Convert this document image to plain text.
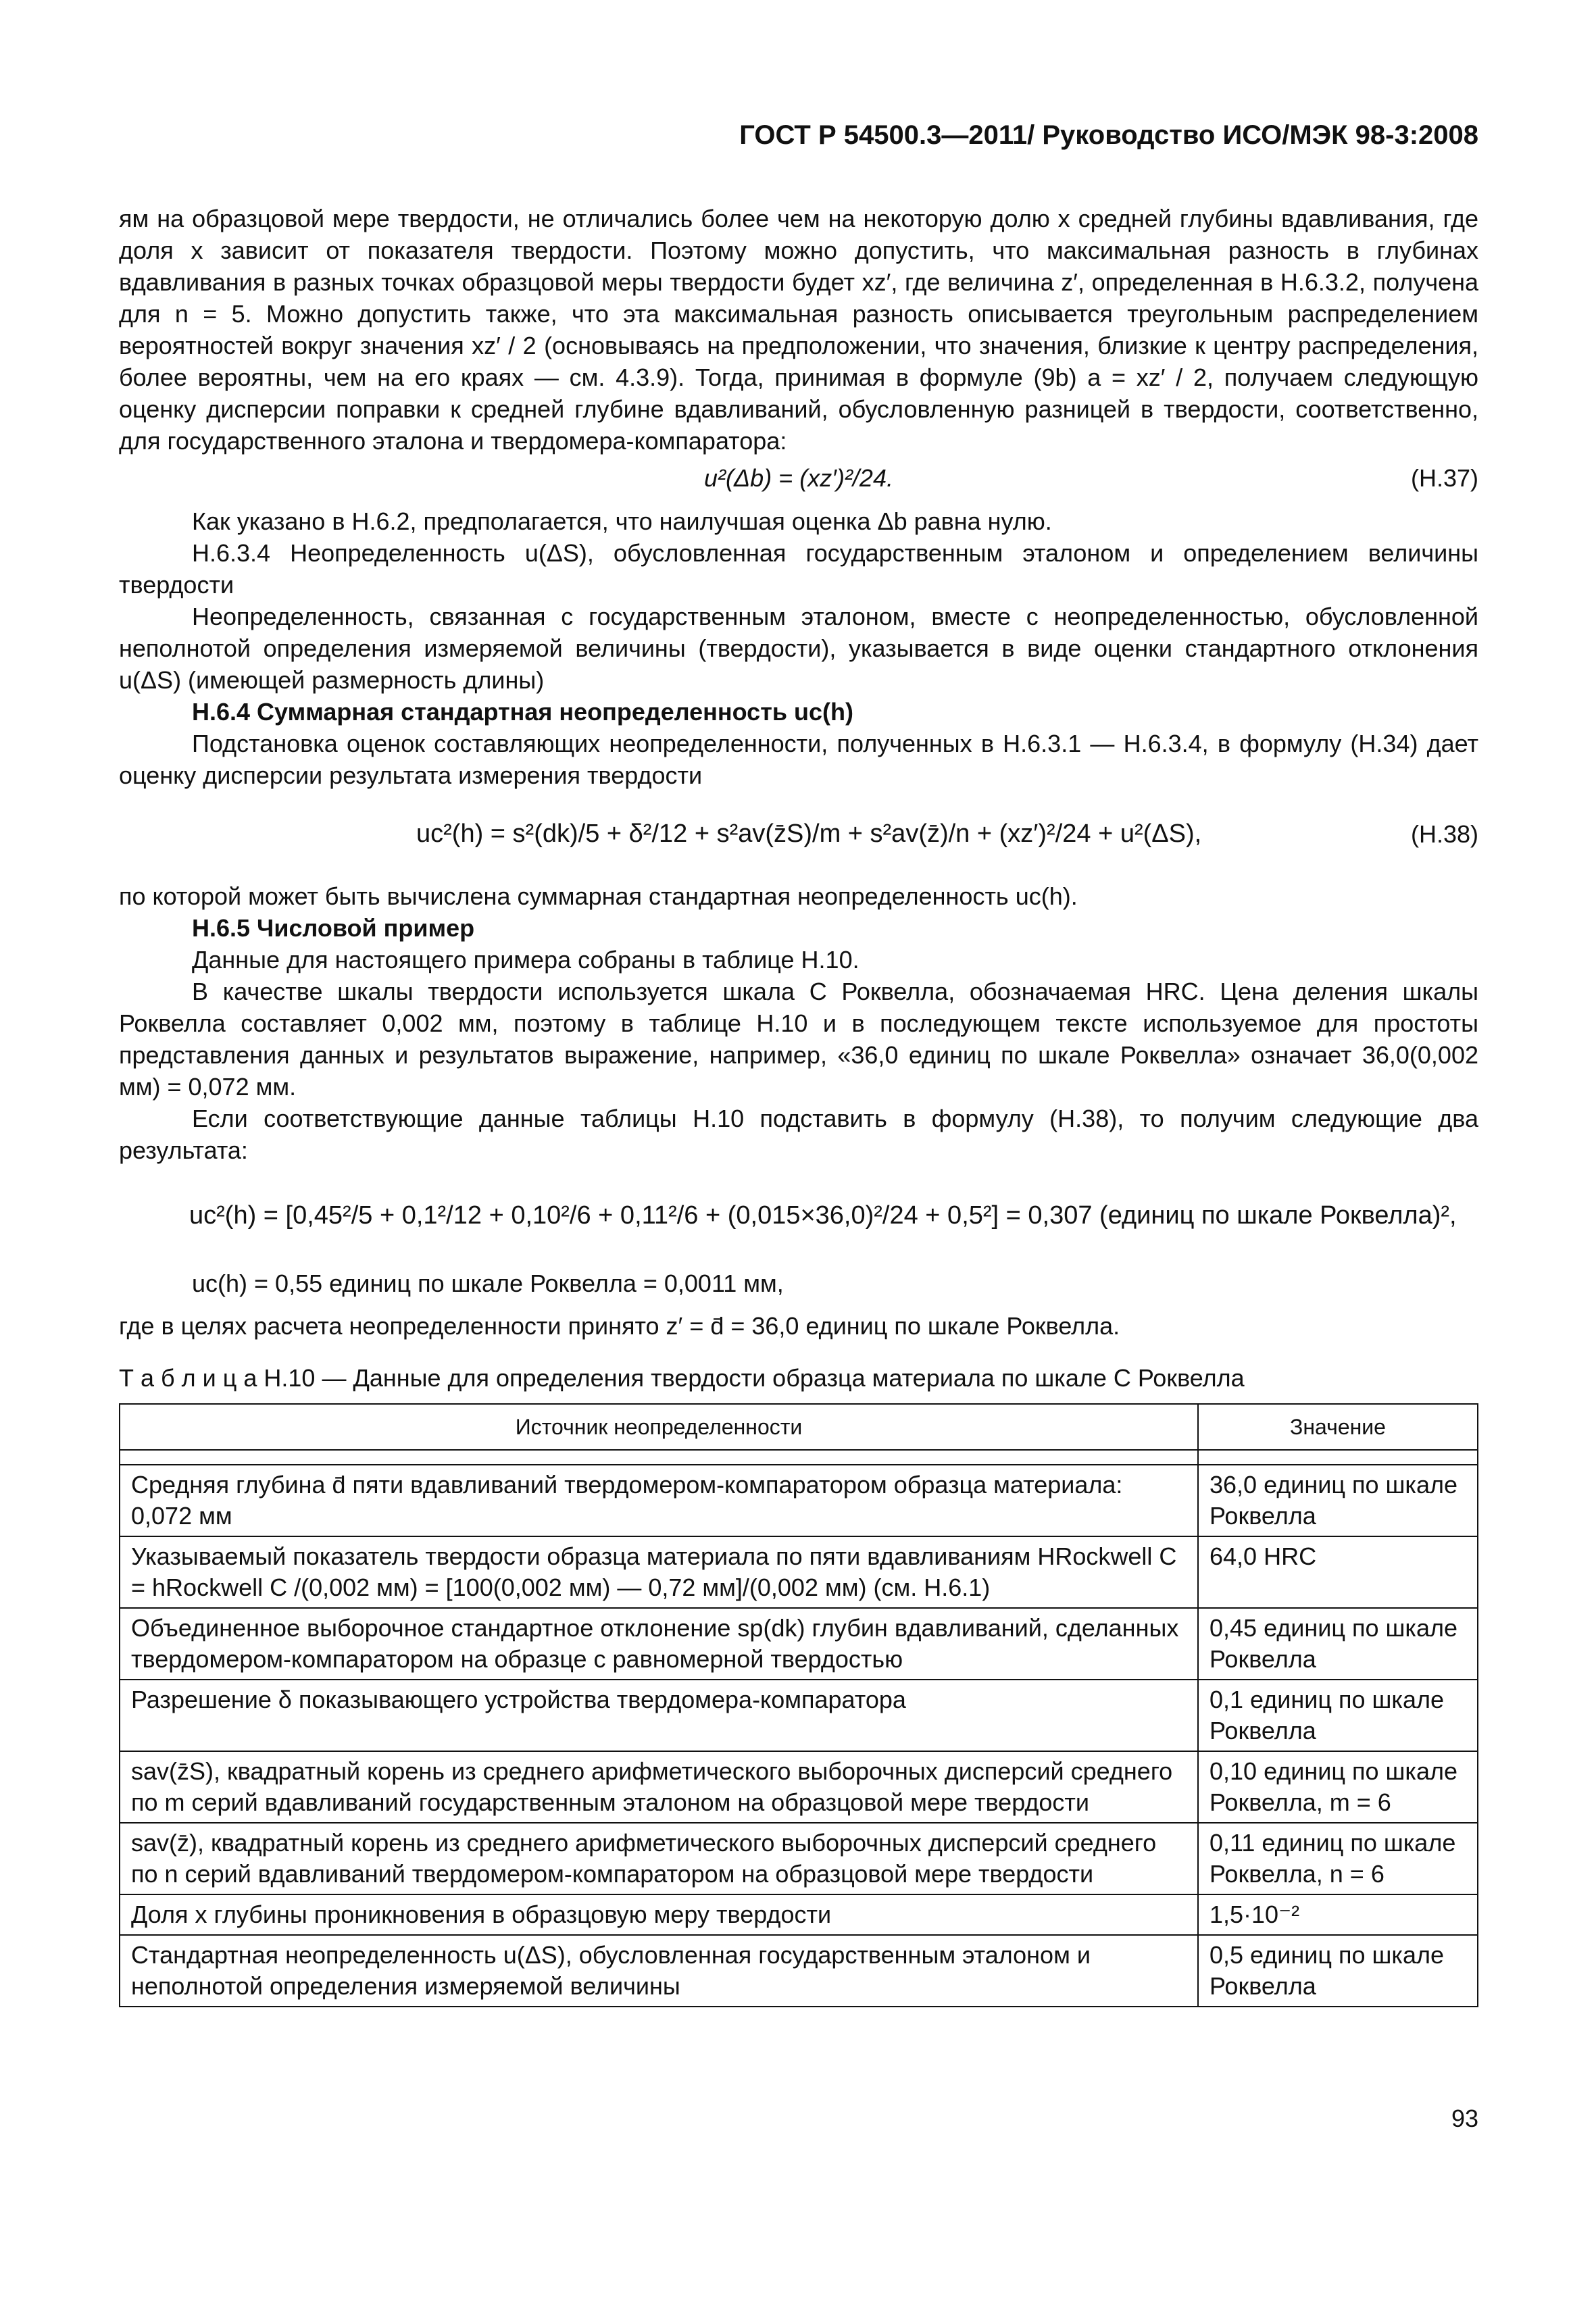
ГОСТ Р 54500.3—2011/ Руководство ИСО/МЭК 98-3:2008

ям на образцовой мере твердости, не отличались более чем на некоторую долю x средней глубины вдавливания, где доля x зависит от показателя твердости. Поэтому можно допустить, что максимальная разность в глубинах вдавливания в разных точках образцовой меры твердости будет xz′, где величина z′, определенная в Н.6.3.2, получена для n = 5. Можно допустить также, что эта максимальная разность описывается треугольным распределением вероятностей вокруг значения xz′ / 2 (основываясь на предположении, что значения, близкие к центру распределения, более вероятны, чем на его краях — см. 4.3.9). Тогда, принимая в формуле (9b) a = xz′ / 2, получаем следующую оценку дисперсии поправки к средней глубине вдавливаний, обусловленную разницей в твердости, соответственно, для государственного эталона и твердомера-компаратора:

u²(Δb) = (xz′)²/24.	(Н.37)

Как указано в Н.6.2, предполагается, что наилучшая оценка Δb равна нулю.

Н.6.3.4 Неопределенность u(ΔS), обусловленная государственным эталоном и определением величины твердости

Неопределенность, связанная с государственным эталоном, вместе с неопределенностью, обусловленной неполнотой определения измеряемой величины (твердости), указывается в виде оценки стандартного отклонения u(ΔS) (имеющей размерность длины)

Н.6.4 Суммарная стандартная неопределенность uc(h)

Подстановка оценок составляющих неопределенности, полученных в Н.6.3.1 — Н.6.3.4, в формулу (Н.34) дает оценку дисперсии результата измерения твердости

uc²(h) = s²(dk)/5 + δ²/12 + s²av(z̄S)/m + s²av(z̄)/n + (xz′)²/24 + u²(ΔS),	(Н.38)

по которой может быть вычислена суммарная стандартная неопределенность uc(h).

Н.6.5 Числовой пример

Данные для настоящего примера собраны в таблице Н.10.

В качестве шкалы твердости используется шкала С Роквелла, обозначаемая HRC. Цена деления шкалы Роквелла составляет 0,002 мм, поэтому в таблице Н.10 и в последующем тексте используемое для простоты представления данных и результатов выражение, например, «36,0 единиц по шкале Роквелла» означает 36,0(0,002 мм) = 0,072 мм.

Если соответствующие данные таблицы Н.10 подставить в формулу (Н.38), то получим следующие два результата:

uc²(h) = [0,45²/5 + 0,1²/12 + 0,10²/6 + 0,11²/6 + (0,015×36,0)²/24 + 0,5²] = 0,307 (единиц по шкале Роквелла)²,

uc(h) = 0,55 единиц по шкале Роквелла = 0,0011 мм,

где в целях расчета неопределенности принято z′ = d̄ = 36,0 единиц по шкале Роквелла.

Т а б л и ц а Н.10 — Данные для определения твердости образца материала по шкале С Роквелла

Источник неопределенности	Значение

Средняя глубина d̄ пяти вдавливаний твердомером-компаратором образца материала: 0,072 мм	36,0 единиц по шкале Роквелла
Указываемый показатель твердости образца материала по пяти вдавливаниям HRockwell C = hRockwell C /(0,002 мм) = [100(0,002 мм) — 0,72 мм]/(0,002 мм) (см. Н.6.1)	64,0 HRC
Объединенное выборочное стандартное отклонение sp(dk) глубин вдавливаний, сделанных твердомером-компаратором на образце с равномерной твердостью	0,45 единиц по шкале Роквелла
Разрешение δ показывающего устройства твердомера-компаратора	0,1 единиц по шкале Роквелла
sav(z̄S), квадратный корень из среднего арифметического выборочных дисперсий среднего по m серий вдавливаний государственным эталоном на образцовой мере твердости	0,10 единиц по шкале Роквелла, m = 6
sav(z̄), квадратный корень из среднего арифметического выборочных дисперсий среднего по n серий вдавливаний твердомером-компаратором на образцовой мере твердости	0,11 единиц по шкале Роквелла, n = 6
Доля x глубины проникновения в образцовую меру твердости	1,5·10⁻²
Стандартная неопределенность u(ΔS), обусловленная государственным эталоном и неполнотой определения измеряемой величины	0,5 единиц по шкале Роквелла
93
